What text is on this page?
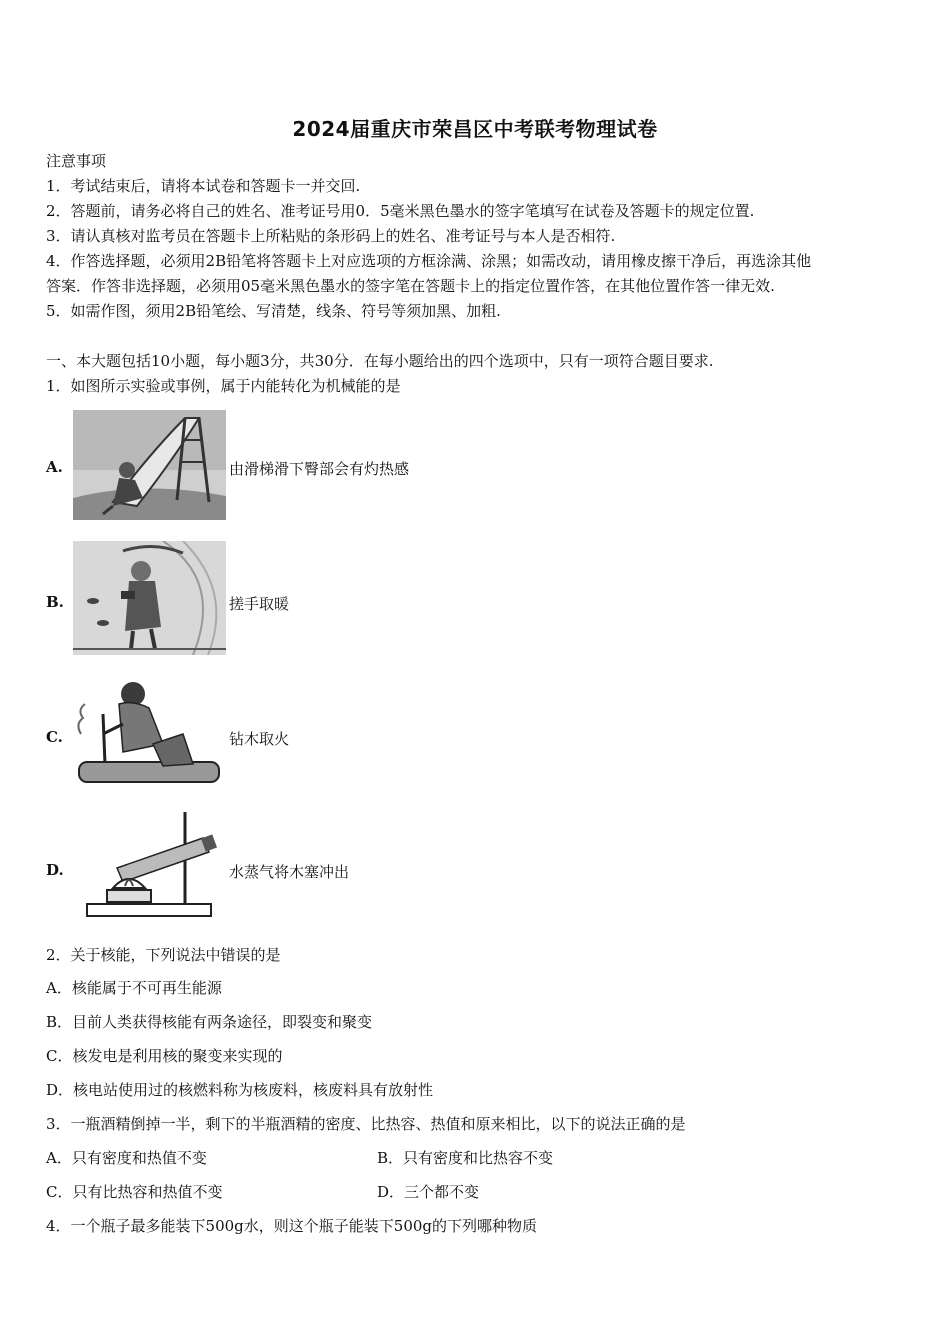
2024届重庆市荣昌区中考联考物理试卷
注意事项
1．考试结束后，请将本试卷和答题卡一并交回.
2．答题前，请务必将自己的姓名、准考证号用0．5毫米黑色墨水的签字笔填写在试卷及答题卡的规定位置.
3．请认真核对监考员在答题卡上所粘贴的条形码上的姓名、准考证号与本人是否相符.
4．作答选择题，必须用2B铅笔将答题卡上对应选项的方框涂满、涂黑；如需改动，请用橡皮擦干净后，再选涂其他
答案．作答非选择题，必须用05毫米黑色墨水的签字笔在答题卡上的指定位置作答，在其他位置作答一律无效.
5．如需作图，须用2B铅笔绘、写清楚，线条、符号等须加黑、加粗.
一、本大题包括10小题，每小题3分，共30分．在每小题给出的四个选项中，只有一项符合题目要求.
1．如图所示实验或事例，属于内能转化为机械能的是
A.	由滑梯滑下臀部会有灼热感
B.	搓手取暖
C.	钻木取火
D.	水蒸气将木塞冲出
2．关于核能，下列说法中错误的是
A．核能属于不可再生能源
B．目前人类获得核能有两条途径，即裂变和聚变
C．核发电是利用核的聚变来实现的
D．核电站使用过的核燃料称为核废料，核废料具有放射性
3．一瓶酒精倒掉一半，剩下的半瓶酒精的密度、比热容、热值和原来相比，以下的说法正确的是
A．只有密度和热值不变	B．只有密度和比热容不变
C．只有比热容和热值不变	D．三个都不变
4．一个瓶子最多能装下500g水，则这个瓶子能装下500g的下列哪种物质
